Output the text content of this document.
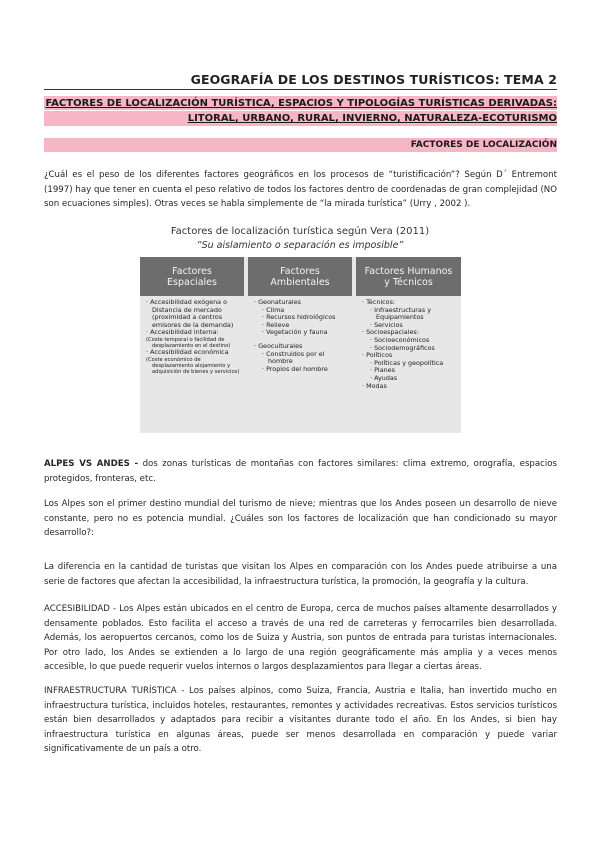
GEOGRAFÍA DE LOS DESTINOS TURÍSTICOS: TEMA 2
FACTORES DE LOCALIZACIÓN TURÍSTICA, ESPACIOS Y TIPOLOGÍAS TURÍSTICAS DERIVADAS:
LITORAL, URBANO, RURAL, INVIERNO, NATURALEZA-ECOTURISMO
FACTORES DE LOCALIZACIÓN
¿Cuál es el peso de los diferentes factores geográficos en los procesos de “turistificación”? Según D´ Entremont (1997) hay que tener en cuenta el peso relativo de todos los factores dentro de coordenadas de gran complejidad (NO son ecuaciones simples). Otras veces se habla simplemente de “la mirada turística” (Urry , 2002 ).
Factores de localización turística según Vera (2011)
“Su aislamiento o separación es imposible”
Factores Espaciales
· Accesibilidad exógena o Distancia de mercado (proximidad a centros emisores de la demanda)
· Accesibilidad interna:
(Coste temporal o facilidad de desplazamiento en el destino)
· Accesibilidad económica
(Coste económico de desplazamiento alojamiento y adquisición de bienes y servicios)
Factores Ambientales
· Geonaturales
· Clima
· Recursos hidrológicos
· Relieve
· Vegetación y fauna
· Geoculturales
· Construidos por el hombre
· Propios del hombre
Factores Humanos y Técnicos
· Técnicos:
· Infraestructuras y Equipamientos
· Servicios
· Socioespaciales:
· Socioeconómicos
· Sociodemográficos
· Políticos
· Políticas y geopolítica
· Planes
· Ayudas
· Modas
ALPES VS ANDES - dos zonas turísticas de montañas con factores similares: clima extremo, orografía, espacios protegidos, fronteras, etc.
Los Alpes son el primer destino mundial del turismo de nieve; mientras que los Andes poseen un desarrollo de nieve constante, pero no es potencia mundial. ¿Cuáles son los factores de localización que han condicionado su mayor desarrollo?:
La diferencia en la cantidad de turistas que visitan los Alpes en comparación con los Andes puede atribuirse a una serie de factores que afectan la accesibilidad, la infraestructura turística, la promoción, la geografía y la cultura.
ACCESIBILIDAD - Los Alpes están ubicados en el centro de Europa, cerca de muchos países altamente desarrollados y densamente poblados. Esto facilita el acceso a través de una red de carreteras y ferrocarriles bien desarrollada. Además, los aeropuertos cercanos, como los de Suiza y Austria, son puntos de entrada para turistas internacionales. Por otro lado, los Andes se extienden a lo largo de una región geográficamente más amplia y a veces menos accesible, lo que puede requerir vuelos internos o largos desplazamientos para llegar a ciertas áreas.
INFRAESTRUCTURA TURÍSTICA - Los países alpinos, como Suiza, Francia, Austria e Italia, han invertido mucho en infraestructura turística, incluidos hoteles, restaurantes, remontes y actividades recreativas. Estos servicios turísticos están bien desarrollados y adaptados para recibir a visitantes durante todo el año. En los Andes, si bien hay infraestructura turística en algunas áreas, puede ser menos desarrollada en comparación y puede variar significativamente de un país a otro.
